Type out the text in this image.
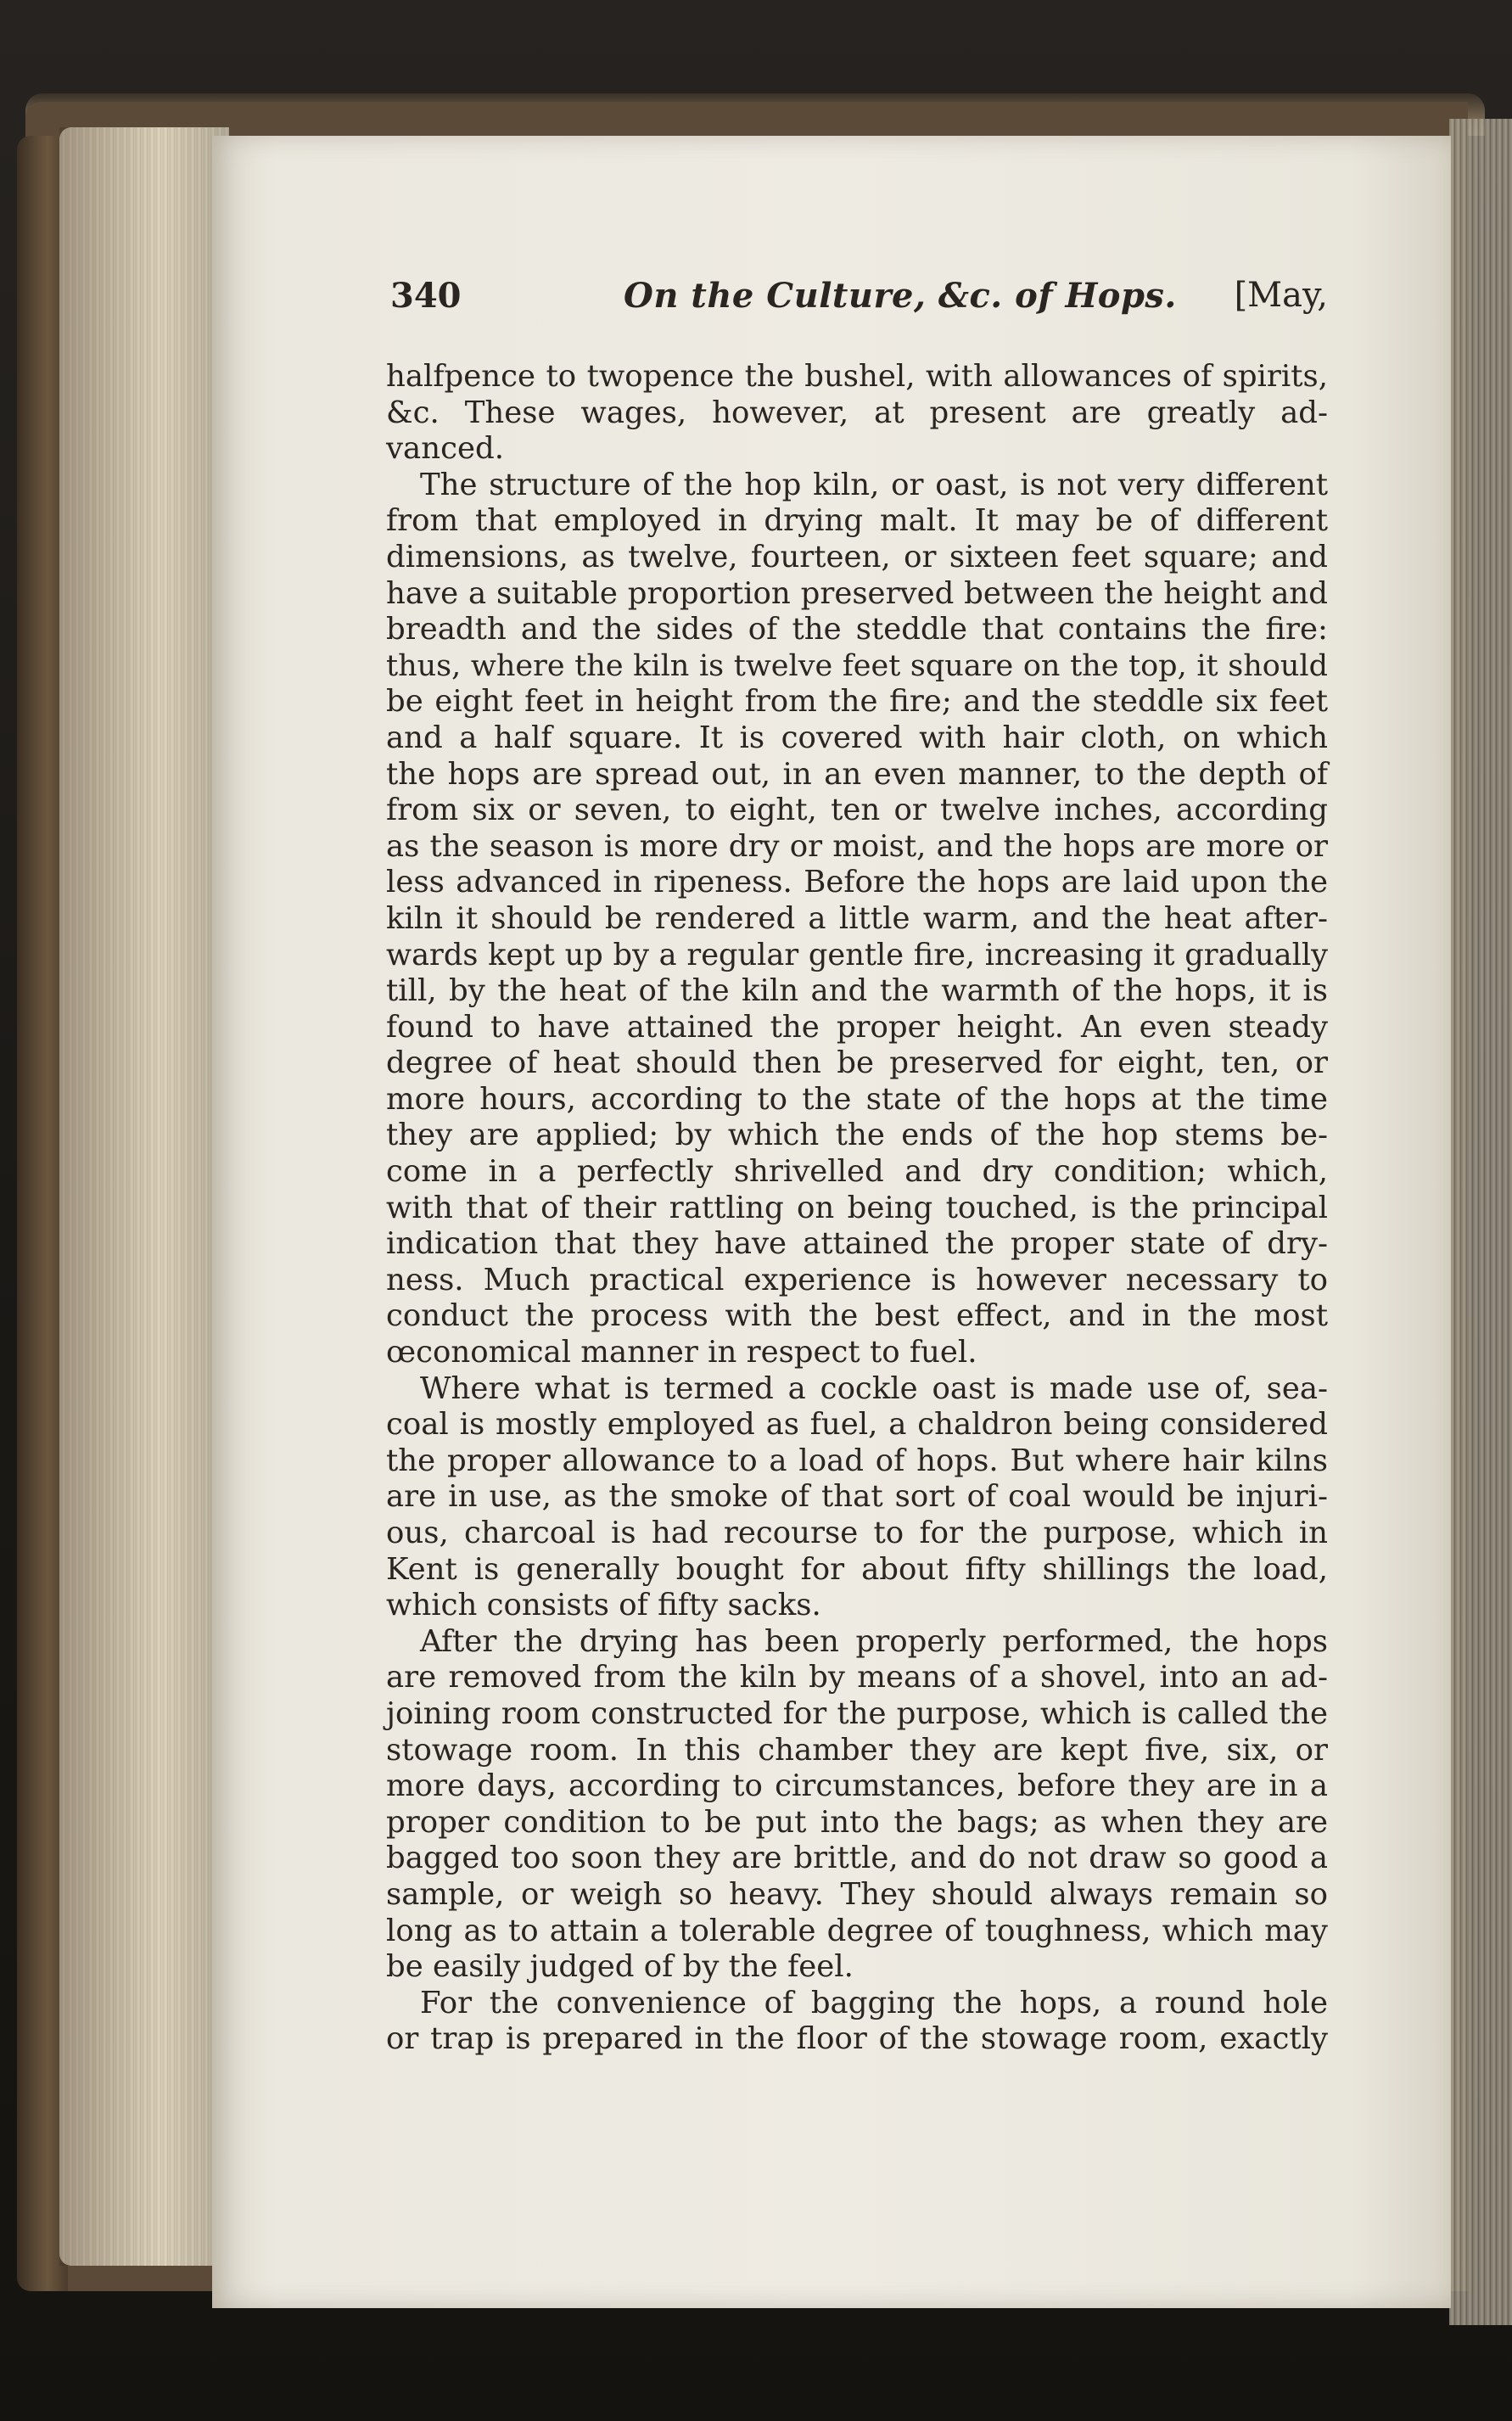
340	On the Culture, &c. of Hops. [May,
halfpence to twopence the bushel, with allowances of spirits,
&c. These wages, however, at present are greatly ad-
vanced.
The structure of the hop kiln, or oast, is not very different
from that employed in drying malt. It may be of different
dimensions, as twelve, fourteen, or sixteen feet square; and
have a suitable proportion preserved between the height and
breadth and the sides of the steddle that contains the fire:
thus, where the kiln is twelve feet square on the top, it should
be eight feet in height from the fire; and the steddle six feet
and a half square. It is covered with hair cloth, on which
the hops are spread out, in an even manner, to the depth of
from six or seven, to eight, ten or twelve inches, according
as the season is more dry or moist, and the hops are more or
less advanced in ripeness. Before the hops are laid upon the
kiln it should be rendered a little warm, and the heat after-
wards kept up by a regular gentle fire, increasing it gradually
till, by the heat of the kiln and the warmth of the hops, it is
found to have attained the proper height. An even steady
degree of heat should then be preserved for eight, ten, or
more hours, according to the state of the hops at the time
they are applied; by which the ends of the hop stems be-
come in a perfectly shrivelled and dry condition; which,
with that of their rattling on being touched, is the principal
indication that they have attained the proper state of dry-
ness. Much practical experience is however necessary to
conduct the process with the best effect, and in the most
œconomical manner in respect to fuel.
Where what is termed a cockle oast is made use of, sea-
coal is mostly employed as fuel, a chaldron being considered
the proper allowance to a load of hops. But where hair kilns
are in use, as the smoke of that sort of coal would be injuri-
ous, charcoal is had recourse to for the purpose, which in
Kent is generally bought for about fifty shillings the load,
which consists of fifty sacks.
After the drying has been properly performed, the hops
are removed from the kiln by means of a shovel, into an ad-
joining room constructed for the purpose, which is called the
stowage room. In this chamber they are kept five, six, or
more days, according to circumstances, before they are in a
proper condition to be put into the bags; as when they are
bagged too soon they are brittle, and do not draw so good a
sample, or weigh so heavy. They should always remain so
long as to attain a tolerable degree of toughness, which may
be easily judged of by the feel.
For the convenience of bagging the hops, a round hole
or trap is prepared in the floor of the stowage room, exactly
